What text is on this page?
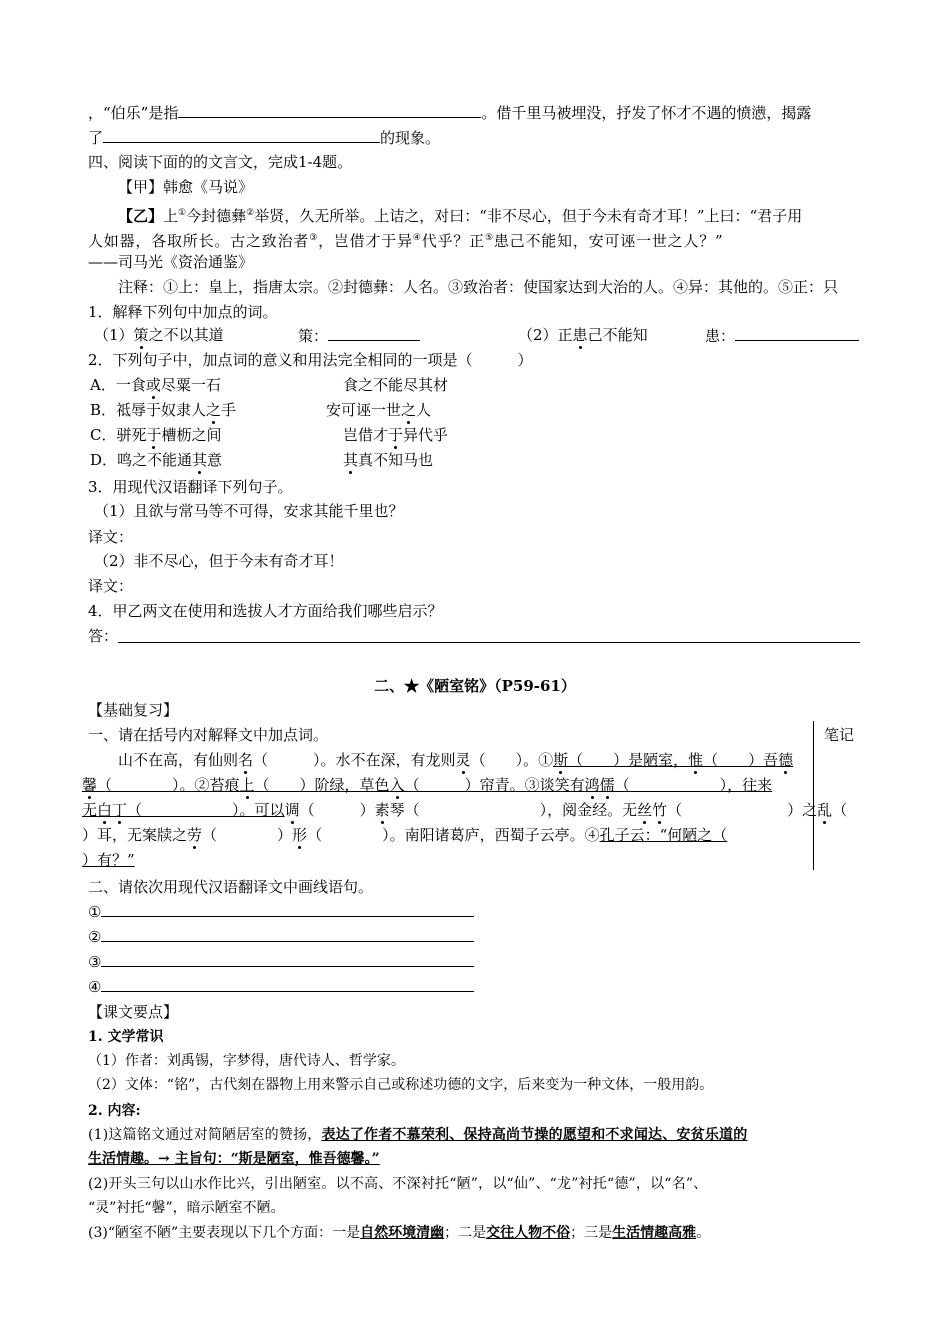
，“伯乐”是指	。借千里马被埋没，抒发了怀才不遇的愤懑，揭露
了	的现象。
四、阅读下面的的文言文，完成1-4题。
【甲】韩愈《马说》
【乙】上①今封德彝②举贤，久无所举。上诘之，对曰：“非不尽心，但于今未有奇才耳！”上曰：“君子用
人如器，各取所长。古之致治者③，岂借才于异④代乎？正⑤患己不能知，安可诬一世之人？”
——司马光《资治通鉴》
注释：①上：皇上，指唐太宗。②封德彝：人名。③致治者：使国家达到大治的人。④异：其他的。⑤正：只
1．解释下列句中加点的词。
（1）策之不以其道	策：	（2）正患己不能知	患：
2．下列句子中，加点词的意义和用法完全相同的一项是（　　　）
A．一食或尽粟一石	食之不能尽其材
B．祗辱于奴隶人之手	安可诬一世之人
C．骈死于槽枥之间	岂借才于异代乎
D．鸣之不能通其意	其真不知马也
3．用现代汉语翻译下列句子。
（1）且欲与常马等不可得，安求其能千里也？
译文：
（2）非不尽心，但于今未有奇才耳！
译文：
4．甲乙两文在使用和选拔人才方面给我们哪些启示？
答：
二、★《陋室铭》（P59-61）
【基础复习】
笔记
一、请在括号内对解释文中加点词。
山不在高，有仙则名（　　　）。水不在深，有龙则灵（　　）。①斯（　　）是陋室，惟（　　）吾德
馨（　　　　）。②苔痕上（　　）阶绿，草色入（　　　）帘青。③谈笑有鸿儒（　　　　　　），往来
无白丁（　　　　　　）。可以调（　　　）素琴（　　　　　　　　），阅金经。无丝竹（　　　　　　　）之乱（
）耳，无案牍之劳（　　　　）形（　　　　）。南阳诸葛庐，西蜀子云亭。④孔子云：“何陋之（
）有？”
二、请依次用现代汉语翻译文中画线语句。
①
②
③
④
【课文要点】
1. 文学常识
（1）作者：刘禹锡，字梦得，唐代诗人、哲学家。
（2）文体：“铭”，古代刻在器物上用来警示自己或称述功德的文字，后来变为一种文体，一般用韵。
2. 内容:
(1)这篇铭文通过对简陋居室的赞扬，表达了作者不慕荣利、保持高尚节操的愿望和不求闻达、安贫乐道的
生活情趣。→ 主旨句：“斯是陋室，惟吾德馨。”
(2)开头三句以山水作比兴，引出陋室。以不高、不深衬托“陋”，以“仙”、“龙”衬托“德”，以“名”、
“灵”衬托“馨”，暗示陋室不陋。
(3)“陋室不陋”主要表现以下几个方面：一是自然环境清幽；二是交往人物不俗；三是生活情趣高雅。
